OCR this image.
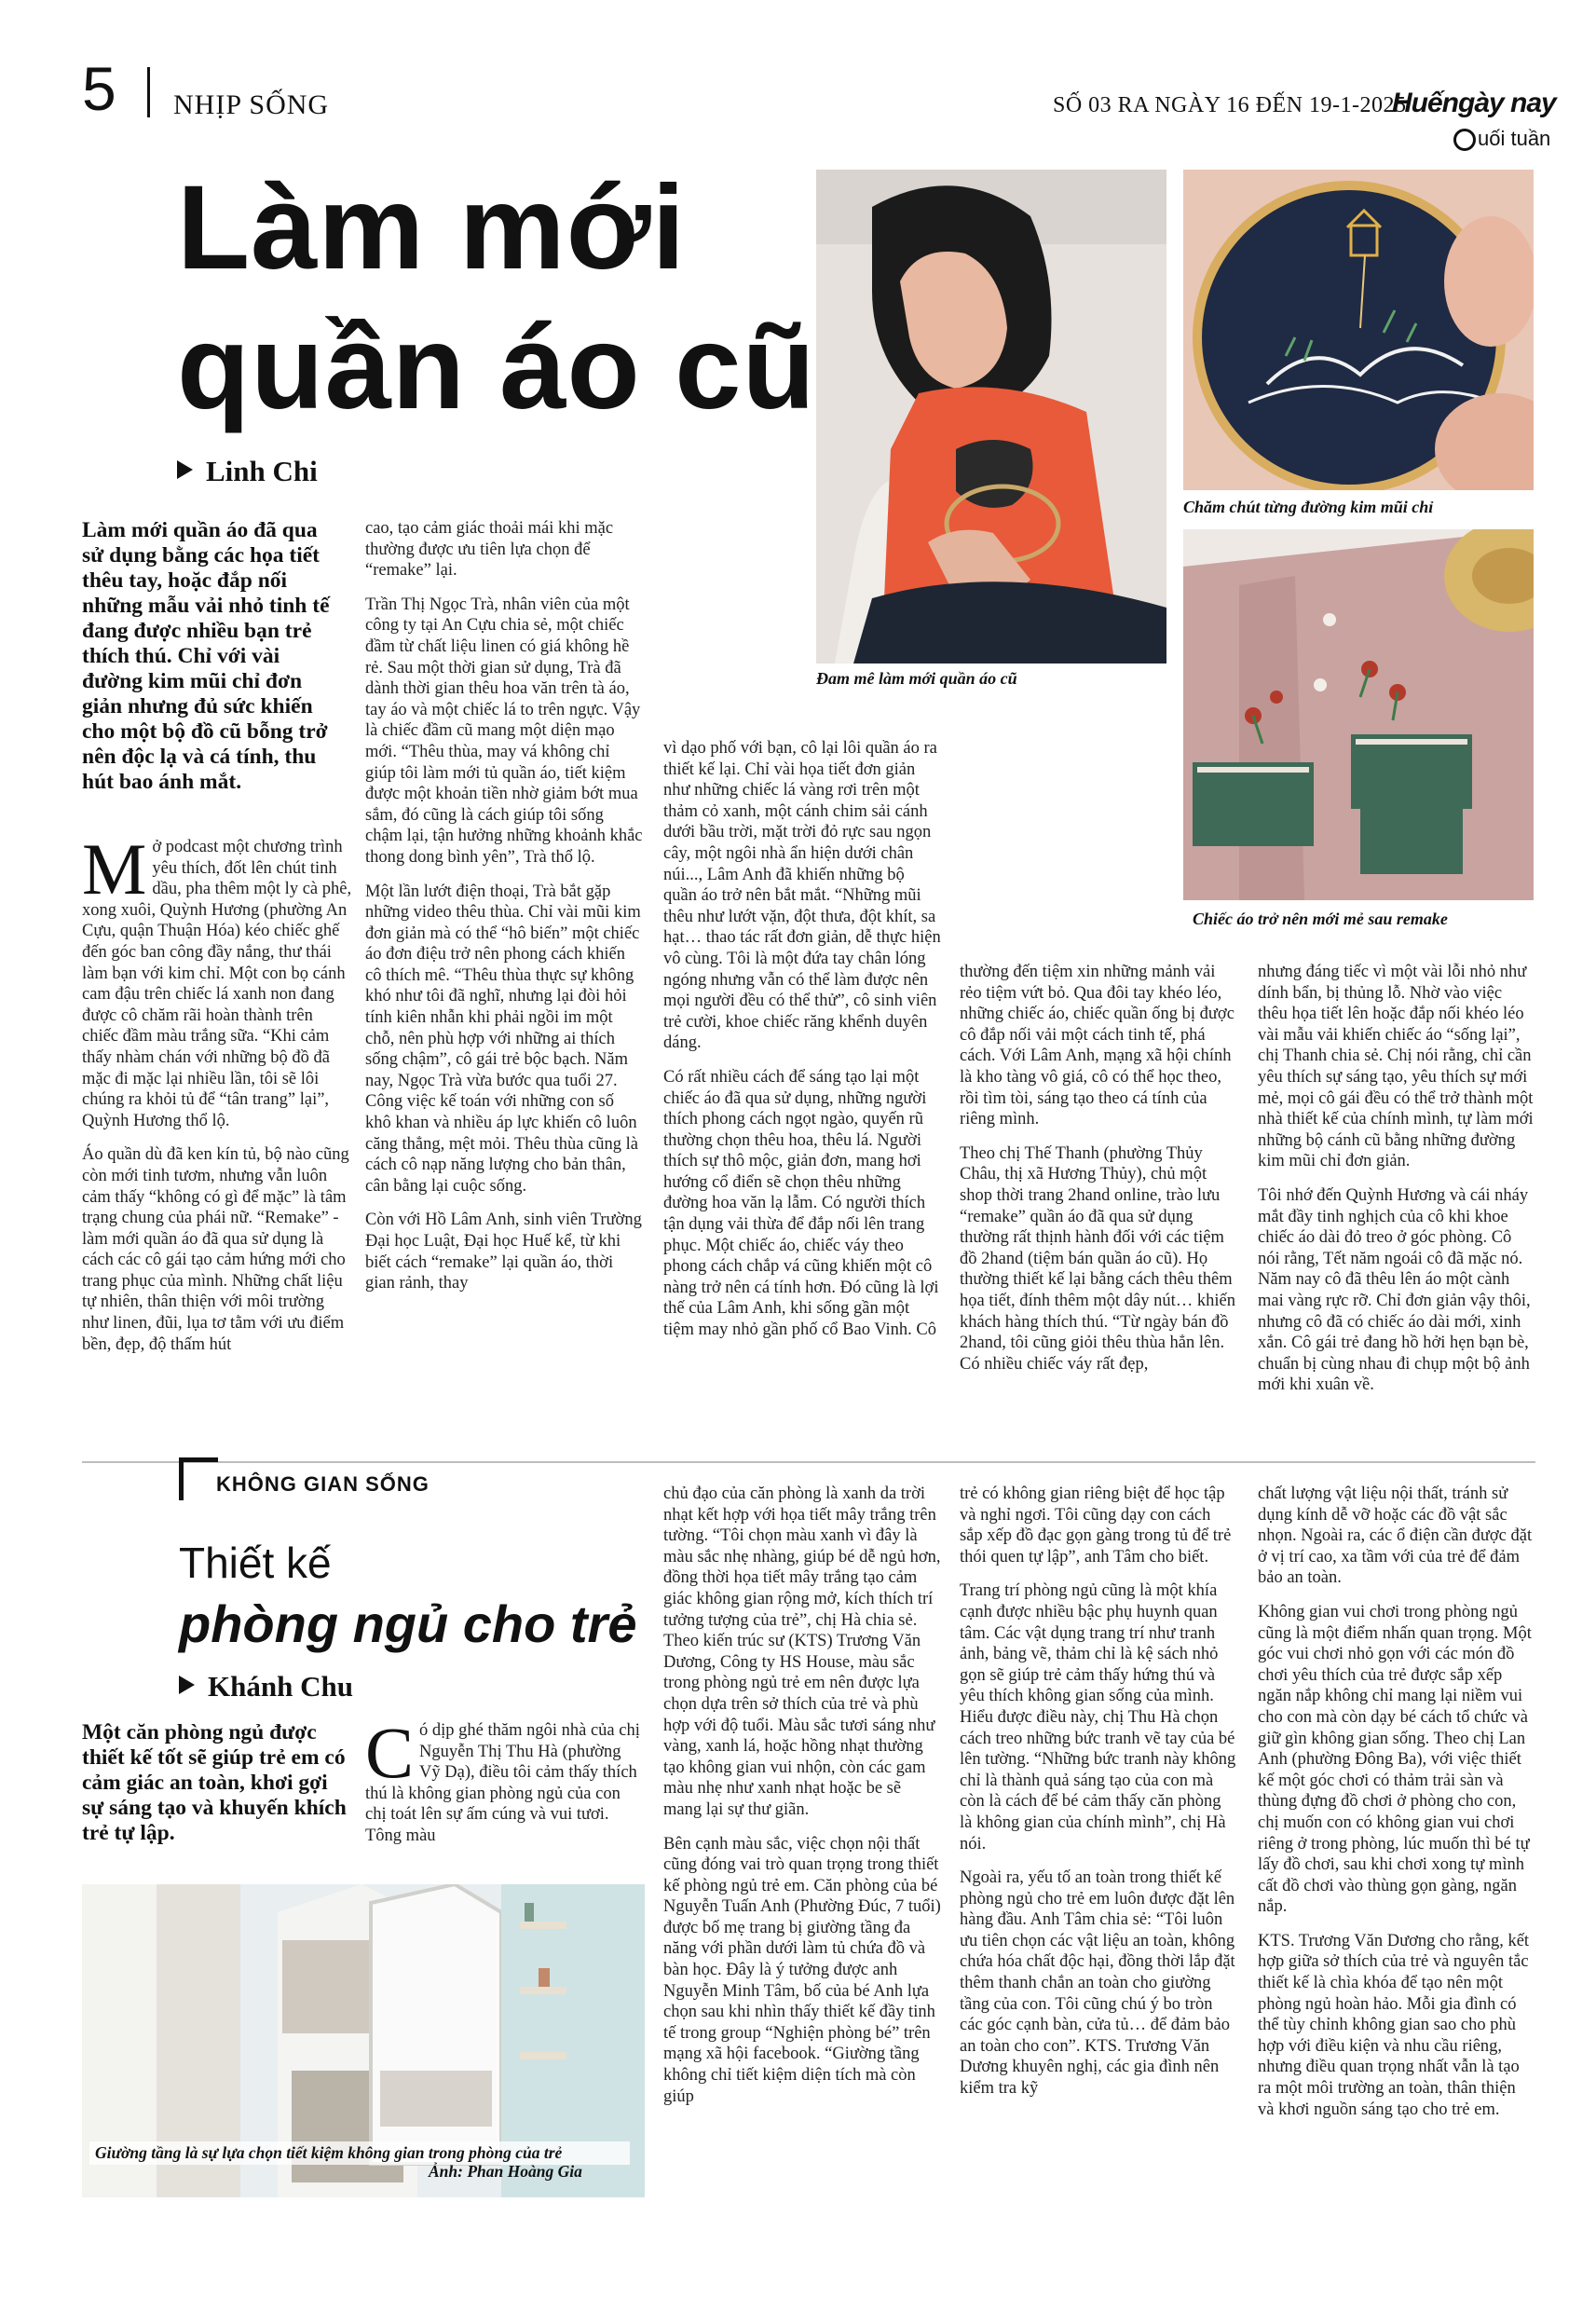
5 NHỊP SỐNG	SỐ 03 RA NGÀY 16 ĐẾN 19-1-2025
Huếngày nay
uối tuần
Làm mới
quần áo cũ
Linh Chi
Làm mới quần áo đã qua sử dụng bằng các họa tiết thêu tay, hoặc đắp nối những mẫu vải nhỏ tinh tế đang được nhiều bạn trẻ thích thú. Chỉ với vài đường kim mũi chỉ đơn giản nhưng đủ sức khiến cho một bộ đồ cũ bỗng trở nên độc lạ và cá tính, thu hút bao ánh mắt.

Mở podcast một chương trình yêu thích, đốt lên chút tinh dầu, pha thêm một ly cà phê, xong xuôi, Quỳnh Hương (phường An Cựu, quận Thuận Hóa) kéo chiếc ghế đến góc ban công đầy nắng, thư thái làm bạn với kim chỉ. Một con bọ cánh cam đậu trên chiếc lá xanh non đang được cô chăm rãi hoàn thành trên chiếc đầm màu trắng sữa. “Khi cảm thấy nhàm chán với những bộ đồ đã mặc đi mặc lại nhiều lần, tôi sẽ lôi chúng ra khỏi tủ để “tân trang” lại”, Quỳnh Hương thổ lộ.

Áo quần dù đã ken kín tủ, bộ nào cũng còn mới tinh tươm, nhưng vẫn luôn cảm thấy “không có gì để mặc” là tâm trạng chung của phái nữ. “Remake” - làm mới quần áo đã qua sử dụng là cách các cô gái tạo cảm hứng mới cho trang phục của mình. Những chất liệu tự nhiên, thân thiện với môi trường như linen, đũi, lụa tơ tằm với ưu điểm bền, đẹp, độ thấm hút

cao, tạo cảm giác thoải mái khi mặc thường được ưu tiên lựa chọn để “remake” lại.

Trần Thị Ngọc Trà, nhân viên của một công ty tại An Cựu chia sẻ, một chiếc đầm từ chất liệu linen có giá không hề rẻ. Sau một thời gian sử dụng, Trà đã dành thời gian thêu hoa văn trên tà áo, tay áo và một chiếc lá to trên ngực. Vậy là chiếc đầm cũ mang một diện mạo mới. “Thêu thùa, may vá không chỉ giúp tôi làm mới tủ quần áo, tiết kiệm được một khoản tiền nhờ giảm bớt mua sắm, đó cũng là cách giúp tôi sống chậm lại, tận hưởng những khoảnh khắc thong dong bình yên”, Trà thổ lộ.

Một lần lướt điện thoại, Trà bắt gặp những video thêu thùa. Chỉ vài mũi kim đơn giản mà có thể “hô biến” một chiếc áo đơn điệu trở nên phong cách khiến cô thích mê. “Thêu thùa thực sự không khó như tôi đã nghĩ, nhưng lại đòi hỏi tính kiên nhẫn khi phải ngồi im một chỗ, nên phù hợp với những ai thích sống chậm”, cô gái trẻ bộc bạch. Năm nay, Ngọc Trà vừa bước qua tuổi 27. Công việc kế toán với những con số khô khan và nhiều áp lực khiến cô luôn căng thẳng, mệt mỏi. Thêu thùa cũng là cách cô nạp năng lượng cho bản thân, cân bằng lại cuộc sống.

Còn với Hồ Lâm Anh, sinh viên Trường Đại học Luật, Đại học Huế kể, từ khi biết cách “remake” lại quần áo, thời gian rảnh, thay

vì dạo phố với bạn, cô lại lôi quần áo ra thiết kế lại. Chỉ vài họa tiết đơn giản như những chiếc lá vàng rơi trên một thảm cỏ xanh, một cánh chim sải cánh dưới bầu trời, mặt trời đỏ rực sau ngọn cây, một ngôi nhà ẩn hiện dưới chân núi..., Lâm Anh đã khiến những bộ quần áo trở nên bắt mắt. “Những mũi thêu như lướt vặn, đột thưa, đột khít, sa hạt… thao tác rất đơn giản, dễ thực hiện vô cùng. Tôi là một đứa tay chân lóng ngóng nhưng vẫn có thể làm được nên mọi người đều có thể thử”, cô sinh viên trẻ cười, khoe chiếc răng khểnh duyên dáng.

Có rất nhiều cách để sáng tạo lại một chiếc áo đã qua sử dụng, những người thích phong cách ngọt ngào, quyến rũ thường chọn thêu hoa, thêu lá. Người thích sự thô mộc, giản đơn, mang hơi hướng cổ điển sẽ chọn thêu những đường hoa văn lạ lẫm. Có người thích tận dụng vải thừa để đắp nối lên trang phục. Một chiếc áo, chiếc váy theo phong cách chắp vá cũng khiến một cô nàng trở nên cá tính hơn. Đó cũng là lợi thế của Lâm Anh, khi sống gần một tiệm may nhỏ gần phố cổ Bao Vinh. Cô

thường đến tiệm xin những mảnh vải rẻo tiệm vứt bỏ. Qua đôi tay khéo léo, những chiếc áo, chiếc quần ống bị được cô đắp nối vải một cách tinh tế, phá cách. Với Lâm Anh, mạng xã hội chính là kho tàng vô giá, cô có thể học theo, rồi tìm tòi, sáng tạo theo cá tính của riêng mình.

Theo chị Thế Thanh (phường Thủy Châu, thị xã Hương Thủy), chủ một shop thời trang 2hand online, trào lưu “remake” quần áo đã qua sử dụng thường rất thịnh hành đối với các tiệm đồ 2hand (tiệm bán quần áo cũ). Họ thường thiết kế lại bằng cách thêu thêm họa tiết, đính thêm một dây nút… khiến khách hàng thích thú. “Từ ngày bán đồ 2hand, tôi cũng giỏi thêu thùa hẳn lên. Có nhiều chiếc váy rất đẹp,

nhưng đáng tiếc vì một vài lỗi nhỏ như dính bẩn, bị thủng lỗ. Nhờ vào việc thêu họa tiết lên hoặc đắp nối khéo léo vài mẫu vải khiến chiếc áo “sống lại”, chị Thanh chia sẻ. Chị nói rằng, chỉ cần yêu thích sự sáng tạo, yêu thích sự mới mẻ, mọi cô gái đều có thể trở thành một nhà thiết kế của chính mình, tự làm mới những bộ cánh cũ bằng những đường kim mũi chỉ đơn giản.

Tôi nhớ đến Quỳnh Hương và cái nháy mắt đầy tinh nghịch của cô khi khoe chiếc áo dài đỏ treo ở góc phòng. Cô nói rằng, Tết năm ngoái cô đã mặc nó. Năm nay cô đã thêu lên áo một cành mai vàng rực rỡ. Chỉ đơn giản vậy thôi, nhưng cô đã có chiếc áo dài mới, xinh xắn. Cô gái trẻ đang hồ hởi hẹn bạn bè, chuẩn bị cùng nhau đi chụp một bộ ảnh mới khi xuân về.

Đam mê làm mới quần áo cũ
Chăm chút từng đường kim mũi chỉ
Chiếc áo trở nên mới mẻ sau remake
KHÔNG GIAN SỐNG
Thiết kế
phòng ngủ cho trẻ
Khánh Chu
Một căn phòng ngủ được thiết kế tốt sẽ giúp trẻ em có cảm giác an toàn, khơi gợi sự sáng tạo và khuyến khích trẻ tự lập.

Có dịp ghé thăm ngôi nhà của chị Nguyễn Thị Thu Hà (phường Vỹ Dạ), điều tôi cảm thấy thích thú là không gian phòng ngủ của con chị toát lên sự ấm cúng và vui tươi. Tông màu

chủ đạo của căn phòng là xanh da trời nhạt kết hợp với họa tiết mây trắng trên tường. “Tôi chọn màu xanh vì đây là màu sắc nhẹ nhàng, giúp bé dễ ngủ hơn, đồng thời họa tiết mây trắng tạo cảm giác không gian rộng mở, kích thích trí tưởng tượng của trẻ”, chị Hà chia sẻ. Theo kiến trúc sư (KTS) Trương Văn Dương, Công ty HS House, màu sắc trong phòng ngủ trẻ em nên được lựa chọn dựa trên sở thích của trẻ và phù hợp với độ tuổi. Màu sắc tươi sáng như vàng, xanh lá, hoặc hồng nhạt thường tạo không gian vui nhộn, còn các gam màu nhẹ như xanh nhạt hoặc be sẽ mang lại sự thư giãn.

Bên cạnh màu sắc, việc chọn nội thất cũng đóng vai trò quan trọng trong thiết kế phòng ngủ trẻ em. Căn phòng của bé Nguyễn Tuấn Anh (Phường Đúc, 7 tuổi) được bố mẹ trang bị giường tầng đa năng với phần dưới làm tủ chứa đồ và bàn học. Đây là ý tưởng được anh Nguyễn Minh Tâm, bố của bé Anh lựa chọn sau khi nhìn thấy thiết kế đầy tinh tế trong group “Nghiện phòng bé” trên mạng xã hội facebook. “Giường tầng không chỉ tiết kiệm diện tích mà còn giúp

trẻ có không gian riêng biệt để học tập và nghỉ ngơi. Tôi cũng dạy con cách sắp xếp đồ đạc gọn gàng trong tủ để trẻ thói quen tự lập”, anh Tâm cho biết.

Trang trí phòng ngủ cũng là một khía cạnh được nhiều bậc phụ huynh quan tâm. Các vật dụng trang trí như tranh ảnh, bảng vẽ, thảm chỉ là kệ sách nhỏ gọn sẽ giúp trẻ cảm thấy hứng thú và yêu thích không gian sống của mình. Hiểu được điều này, chị Thu Hà chọn cách treo những bức tranh vẽ tay của bé lên tường. “Những bức tranh này không chỉ là thành quả sáng tạo của con mà còn là cách để bé cảm thấy căn phòng là không gian của chính mình”, chị Hà nói.

Ngoài ra, yếu tố an toàn trong thiết kế phòng ngủ cho trẻ em luôn được đặt lên hàng đầu. Anh Tâm chia sẻ: “Tôi luôn ưu tiên chọn các vật liệu an toàn, không chứa hóa chất độc hại, đồng thời lắp đặt thêm thanh chắn an toàn cho giường tầng của con. Tôi cũng chú ý bo tròn các góc cạnh bàn, cửa tủ… để đảm bảo an toàn cho con”. KTS. Trương Văn Dương khuyên nghị, các gia đình nên kiểm tra kỹ

chất lượng vật liệu nội thất, tránh sử dụng kính dễ vỡ hoặc các đồ vật sắc nhọn. Ngoài ra, các ổ điện cần được đặt ở vị trí cao, xa tầm với của trẻ để đảm bảo an toàn.

Không gian vui chơi trong phòng ngủ cũng là một điểm nhấn quan trọng. Một góc vui chơi nhỏ gọn với các món đồ chơi yêu thích của trẻ được sắp xếp ngăn nắp không chỉ mang lại niềm vui cho con mà còn dạy bé cách tổ chức và giữ gìn không gian sống. Theo chị Lan Anh (phường Đông Ba), với việc thiết kế một góc chơi có thảm trải sàn và thùng đựng đồ chơi ở phòng cho con, chị muốn con có không gian vui chơi riêng ở trong phòng, lúc muốn thì bé tự lấy đồ chơi, sau khi chơi xong tự mình cất đồ chơi vào thùng gọn gàng, ngăn nắp.

KTS. Trương Văn Dương cho rằng, kết hợp giữa sở thích của trẻ và nguyên tắc thiết kế là chìa khóa để tạo nên một phòng ngủ hoàn hảo. Mỗi gia đình có thể tùy chỉnh không gian sao cho phù hợp với điều kiện và nhu cầu riêng, nhưng điều quan trọng nhất vẫn là tạo ra một môi trường an toàn, thân thiện và khơi nguồn sáng tạo cho trẻ em.

Giường tầng là sự lựa chọn tiết kiệm không gian trong phòng của trẻ
Ảnh: Phan Hoàng Gia
